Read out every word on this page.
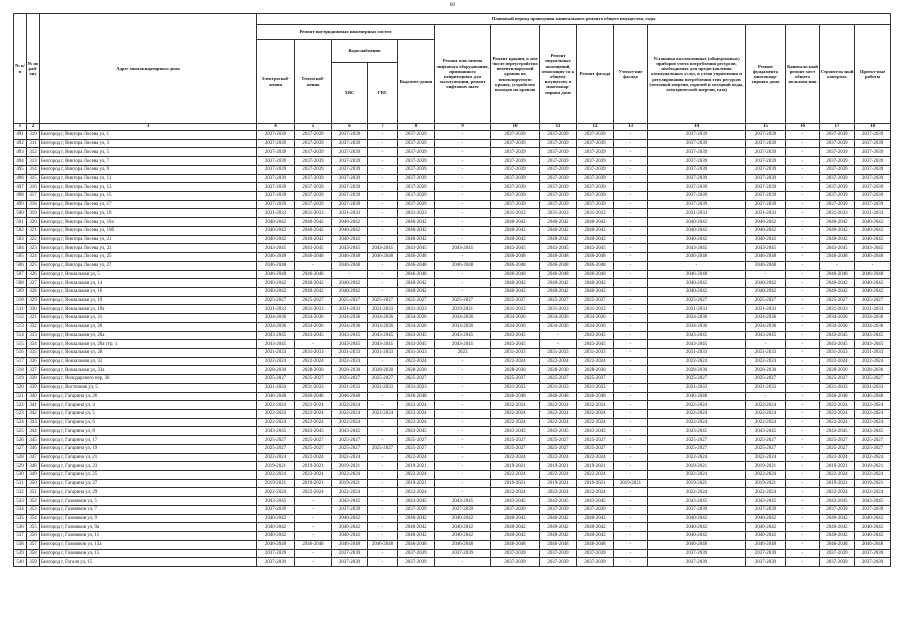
80
№ п/п	№ по рай-ону	Адрес многоквартирного дома	Плановый период проведения капитального ремонта общего имущества, годы														
			Ремонт внутридомовых инженерных систем					Ремонт или замена лифтового оборудования, признанного непригодным для эксплуатации, ремонт лифтовых шахт	Ремонт крыши, в том числе переустройство невентилируемой крыши на вентилируемую крышу, устройство выходов на кровлю	Ремонт подвальных помещений, относящих-ся к общему имуществу в многоквар-тирном доме	Ремонт фасада	Утепле-ние фасада	Установка коллективных (общедомовых) приборов учета потребления ресурсов, необходимых для предоставления коммунальных услуг, и узлов управления и регулирования потребления этих ресурсов (тепловой энергии, горячей и холодной воды, электрической энергии, газа)	Ремонт фундамента многоквар-тирного дома	Капиталь-ный ремонт мест общего пользова-ния	Строитель-ный контроль	Проект-ные работы
			Электроснаб-жения	Теплоснаб-жения	Водоснабжения		Водоотве-дения										
					ХВС	ГВС											
1	2	3	4	5	6	7	8	9	10	11	12	13	14	15	16	17	18
491	310	Белгород г, Виктора Лосева ул, 1	2037-2039	2037-2039	2037-2039	-	2037-2039	-	2037-2039	2037-2039	2037-2039	-	2037-2039	2037-2039	-	2037-2039	2037-2039
492	311	Белгород г, Виктора Лосева ул, 3	2037-2039	2037-2039	2037-2039	-	2037-2039	-	2037-2039	2037-2039	2037-2039	-	2037-2039	2037-2039	-	2037-2039	2037-2039
493	312	Белгород г, Виктора Лосева ул, 5	2037-2039	2037-2039	2037-2039	-	2037-2039	-	2037-2039	2037-2039	2037-2039	-	2037-2039	2037-2039	-	2037-2039	2037-2039
494	313	Белгород г, Виктора Лосева ул, 7	2037-2039	2037-2039	2037-2039	-	2037-2039	-	2037-2039	2037-2039	2037-2039	-	2037-2039	2037-2039	-	2037-2039	2037-2039
495	314	Белгород г, Виктора Лосева ул, 9	2037-2039	2037-2039	2037-2039	-	2037-2039	-	2037-2039	2037-2039	2037-2039	-	2037-2039	2037-2039	-	2037-2039	2037-2039
496	315	Белгород г, Виктора Лосева ул, 11	2037-2039	2037-2039	2037-2039	-	2037-2039	-	2037-2039	2037-2039	2037-2039	-	2037-2039	2037-2039	-	2037-2039	2037-2039
497	316	Белгород г, Виктора Лосева ул, 13	2037-2039	2037-2039	2037-2039	-	2037-2039	-	2037-2039	2037-2039	2037-2039	-	2037-2039	2037-2039	-	2037-2039	2037-2039
498	317	Белгород г, Виктора Лосева ул, 15	2037-2039	2037-2039	2037-2039	-	2037-2039	-	2037-2039	2037-2039	2037-2039	-	2037-2039	2037-2039	-	2037-2039	2037-2039
499	318	Белгород г, Виктора Лосева ул, 17	2037-2039	2037-2039	2037-2039	-	2037-2039	-	2037-2039	2037-2039	2037-2039	-	2037-2039	2037-2039	-	2037-2039	2037-2039
500	319	Белгород г, Виктора Лосева ул, 19	2031-2033	2031-2033	2031-2033	-	2031-2033	-	2031-2033	2031-2033	2031-2033	-	2031-2033	2031-2033	-	2031-2033	2031-2033
501	320	Белгород г, Виктора Лосева ул, 19а	2040-2042	2040-2042	2040-2042	-	2040-2042	-	2040-2042	2040-2042	2040-2042	-	2040-2042	2040-2042	-	2040-2042	2040-2042
502	321	Белгород г, Виктора Лосева ул, 19б	2040-2042	2040-2042	2040-2042	-	2040-2042	-	2040-2042	2040-2042	2040-2042	-	2040-2042	2040-2042	-	2040-2042	2040-2042
503	322	Белгород г, Виктора Лосева ул, 21	2040-2042	2040-2042	2040-2042	-	2040-2042	-	2040-2042	2040-2042	2040-2042	-	2040-2042	2040-2042	-	2040-2042	2040-2042
504	323	Белгород г, Виктора Лосева ул, 23	2043-2045	2043-2045	2043-2045	2043-2045	2043-2045	2043-2045	2043-2045	2043-2045	2043-2045	-	2043-2045	2043-2045	-	2043-2045	2043-2045
505	324	Белгород г, Виктора Лосева ул, 25	2046-2048	2046-2048	2046-2048	2046-2048	2046-2048	-	2046-2048	2046-2048	2046-2048	-	2046-2048	2046-2048	-	2046-2048	2046-2048
506	325	Белгород г, Виктора Лосева ул, 27	2046-2048	-	2046-2048	-	2046-2048	2046-2048	2046-2048	2046-2048	2046-2048	-	-	2046-2048	-	-	-
507	326	Белгород г, Вокзальная ул, 5	2046-2048	2046-2048	-	-	2046-2048	-	2046-2048	2046-2048	2046-2048	-	2046-2048	-	-	2046-2048	2046-2048
508	327	Белгород г, Вокзальная ул, 14	2040-2042	2040-2042	2040-2042	-	2040-2042	-	2040-2042	2040-2042	2040-2042	-	2040-2042	2040-2042	-	2040-2042	2040-2042
509	328	Белгород г, Вокзальная ул, 16	2040-2042	2040-2042	2040-2042	-	2040-2042	-	2040-2042	2040-2042	2040-2042	-	2040-2042	2040-2042	-	2040-2042	2040-2042
510	329	Белгород г, Вокзальная ул, 19	2025-2027	2025-2027	2025-2027	2025-2027	2025-2027	2025-2027	2025-2027	2025-2027	2025-2027	-	2025-2027	2025-2027	-	2025-2027	2025-2027
511	330	Белгород г, Вокзальная ул, 19а	2031-2033	2031-2033	2031-2033	2031-2033	2031-2033	2019-2021	2031-2033	2031-2033	2031-2033	-	2031-2033	2031-2033	-	2031-2033	2031-2033
512	331	Белгород г, Вокзальная ул, 21	2034-2036	2034-2036	2034-2036	2034-2036	2034-2036	2034-2036	2034-2036	2034-2036	2034-2036	-	2034-2036	2034-2036	-	2034-2036	2034-2036
513	332	Белгород г, Вокзальная ул, 26	2034-2036	2034-2036	2034-2036	2034-2036	2034-2036	2034-2036	2034-2036	2034-2036	2034-2036	-	2034-2036	2034-2036	-	2034-2036	2034-2036
514	333	Белгород г, Вокзальная ул, 26а	2043-2045	2043-2045	2043-2045	2043-2045	2043-2045	2043-2045	2043-2045	-	2043-2045	-	2043-2045	2043-2045	-	2043-2045	2043-2045
515	334	Белгород г, Вокзальная ул, 26а стр. 1	2043-2045	-	2043-2045	2043-2045	2043-2045	2043-2045	2043-2045	-	2043-2045	-	2043-2045	-	-	2043-2045	2043-2045
516	335	Белгород г, Вокзальная ул, 28	2031-2033	2031-2033	2031-2033	2031-2033	2031-2033	2023	2031-2033	2031-2033	2031-2033	-	2031-2033	2031-2033	-	2031-2033	2031-2033
517	336	Белгород г, Вокзальная ул, 33	2022-2024	2022-2024	2022-2024	-	2022-2024	-	2022-2024	2022-2024	2022-2024	-	2022-2024	2022-2024	-	2022-2024	2022-2024
518	337	Белгород г, Вокзальная ул, 33а	2028-2030	2028-2030	2028-2030	2028-2030	2028-2030	-	2028-2030	2028-2030	2028-2030	-	2028-2030	2028-2030	-	2028-2030	2028-2030
519	338	Белгород г, Володарского пер, 30	2025-2027	2025-2027	2025-2027	2025-2027	2025-2027	-	2025-2027	2025-2027	2025-2027	-	2025-2027	2025-2027	-	2025-2027	2025-2027
520	339	Белгород г, Восточная ул, 5	2031-2033	2031-2033	2031-2033	2031-2033	2031-2033	-	2031-2033	2031-2033	2031-2033	-	2031-2033	2031-2033	-	2031-2033	2031-2033
521	340	Белгород г, Гагарина ул, 26	2046-2048	2046-2048	2046-2048	-	2046-2048	-	2046-2048	2046-2048	2046-2048	-	2046-2048	-	-	2046-2048	2046-2048
522	341	Белгород г, Гагарина ул, 4	2022-2024	2022-2024	2022-2024	-	2022-2024	-	2022-2024	2022-2024	2022-2024	-	2022-2024	2022-2024	-	2022-2024	2022-2024
523	342	Белгород г, Гагарина ул, 5	2022-2024	2022-2024	2022-2024	2022-2024	2022-2024	-	2022-2024	2022-2024	2022-2024	-	2022-2024	2022-2024	-	2022-2024	2022-2024
524	343	Белгород г, Гагарина ул, 6	2022-2024	2022-2024	2022-2024	-	2022-2024	-	2022-2024	2022-2024	2022-2024	-	2022-2024	2022-2024	-	2022-2024	2022-2024
525	344	Белгород г, Гагарина ул, 8	2043-2045	2043-2045	2043-2045	-	2043-2045	-	2043-2045	2043-2045	2043-2045	-	2043-2045	2043-2045	-	2043-2045	2043-2045
526	345	Белгород г, Гагарина ул, 17	2025-2027	2025-2027	2025-2027	-	2025-2027	-	2025-2027	2025-2027	2025-2027	-	2025-2027	2025-2027	-	2025-2027	2025-2027
527	346	Белгород г, Гагарина ул, 19	2025-2027	2025-2027	2025-2027	2025-2027	2025-2027	-	2025-2027	2025-2027	2025-2027	-	2025-2027	2025-2027	-	2025-2027	2025-2027
528	347	Белгород г, Гагарина ул, 21	2022-2024	2022-2024	2022-2024	-	2022-2024	-	2022-2024	2022-2024	2022-2024	-	2022-2024	2022-2024	-	2022-2024	2022-2024
529	348	Белгород г, Гагарина ул, 23	2019-2021	2019-2021	2019-2021	-	2019-2021	-	2019-2021	2019-2021	2019-2021	-	2019-2021	2019-2021	-	2019-2021	2019-2021
530	349	Белгород г, Гагарина ул, 25	2022-2024	2022-2024	2022-2024	-	2022-2024	-	2022-2024	2022-2024	2022-2024	-	2022-2024	2022-2024	-	2022-2024	2022-2024
531	350	Белгород г, Гагарина ул, 27	2019-2021	2019-2021	2019-2021	-	2019-2021	-	2019-2021	2019-2021	2019-2021	2019-2021	2019-2021	2019-2021	-	2019-2021	2019-2021
532	351	Белгород г, Гагарина ул, 29	2022-2024	2022-2024	2022-2024	-	2022-2024	-	2022-2024	2022-2024	2022-2024	-	2022-2024	2022-2024	-	2022-2024	2022-2024
533	352	Белгород г, Газовиков ул, 5	2043-2045	-	2043-2045	-	2043-2045	2043-2045	2043-2045	2043-2045	2043-2045	-	2043-2045	2043-2045	-	2043-2045	2043-2045
534	353	Белгород г, Газовиков ул, 7	2037-2039	-	2037-2039	-	2037-2039	2037-2039	2037-2039	2037-2039	2037-2039	-	2037-2039	2037-2039	-	2037-2039	2037-2039
535	354	Белгород г, Газовиков ул, 9	2040-2042	-	2040-2042	-	2040-2042	2040-2042	2040-2042	2040-2042	2040-2042	-	2040-2042	2040-2042	-	2040-2042	2040-2042
536	355	Белгород г, Газовиков ул, 9а	2040-2042	-	2040-2042	-	2040-2042	2040-2042	2040-2042	2040-2042	2040-2042	-	2040-2042	2040-2042	-	2040-2042	2040-2042
537	356	Белгород г, Газовиков ул, 11	2040-2042	-	2040-2042	-	2040-2042	2040-2042	2040-2042	2040-2042	2040-2042	-	2040-2042	2040-2042	-	2040-2042	2040-2042
538	357	Белгород г, Газовиков ул, 13а	2046-2048	2046-2048	2046-2048	2046-2048	2046-2048	2046-2048	2046-2048	2046-2048	2046-2048	-	2046-2048	2046-2048	-	2046-2048	2046-2048
539	358	Белгород г, Газовиков ул, 15	2037-2039	-	2037-2039	-	2037-2039	2037-2039	2037-2039	2037-2039	2037-2039	-	2037-2039	2037-2039	-	2037-2039	2037-2039
540	359	Белгород г, Гоголя ул, 15	2037-2039	-	2037-2039	-	2037-2039	-	2037-2039	2037-2039	2037-2039	-	2037-2039	2037-2039	-	2037-2039	2037-2039
